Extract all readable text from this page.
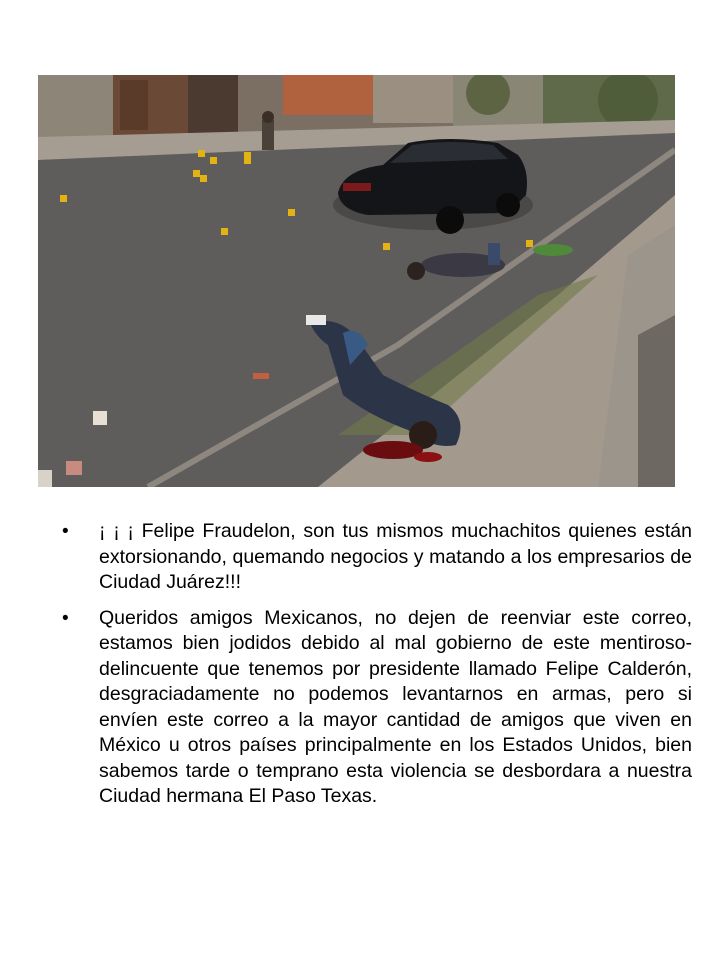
• ¡ ¡ ¡ Felipe Fraudelon, son tus mismos muchachitos quienes están extorsionando, quemando negocios y matando a los empresarios de Ciudad Juárez!!!
• Queridos amigos Mexicanos, no dejen de reenviar este correo, estamos bien jodidos debido al mal gobierno de este mentiroso-delincuente que tenemos por presidente llamado Felipe Calderón, desgraciadamente no podemos levantarnos en armas, pero si envíen este correo a la mayor cantidad de amigos que viven en México u otros países principalmente en los Estados Unidos, bien sabemos tarde o temprano esta violencia se desbordara a nuestra Ciudad hermana El Paso Texas.
